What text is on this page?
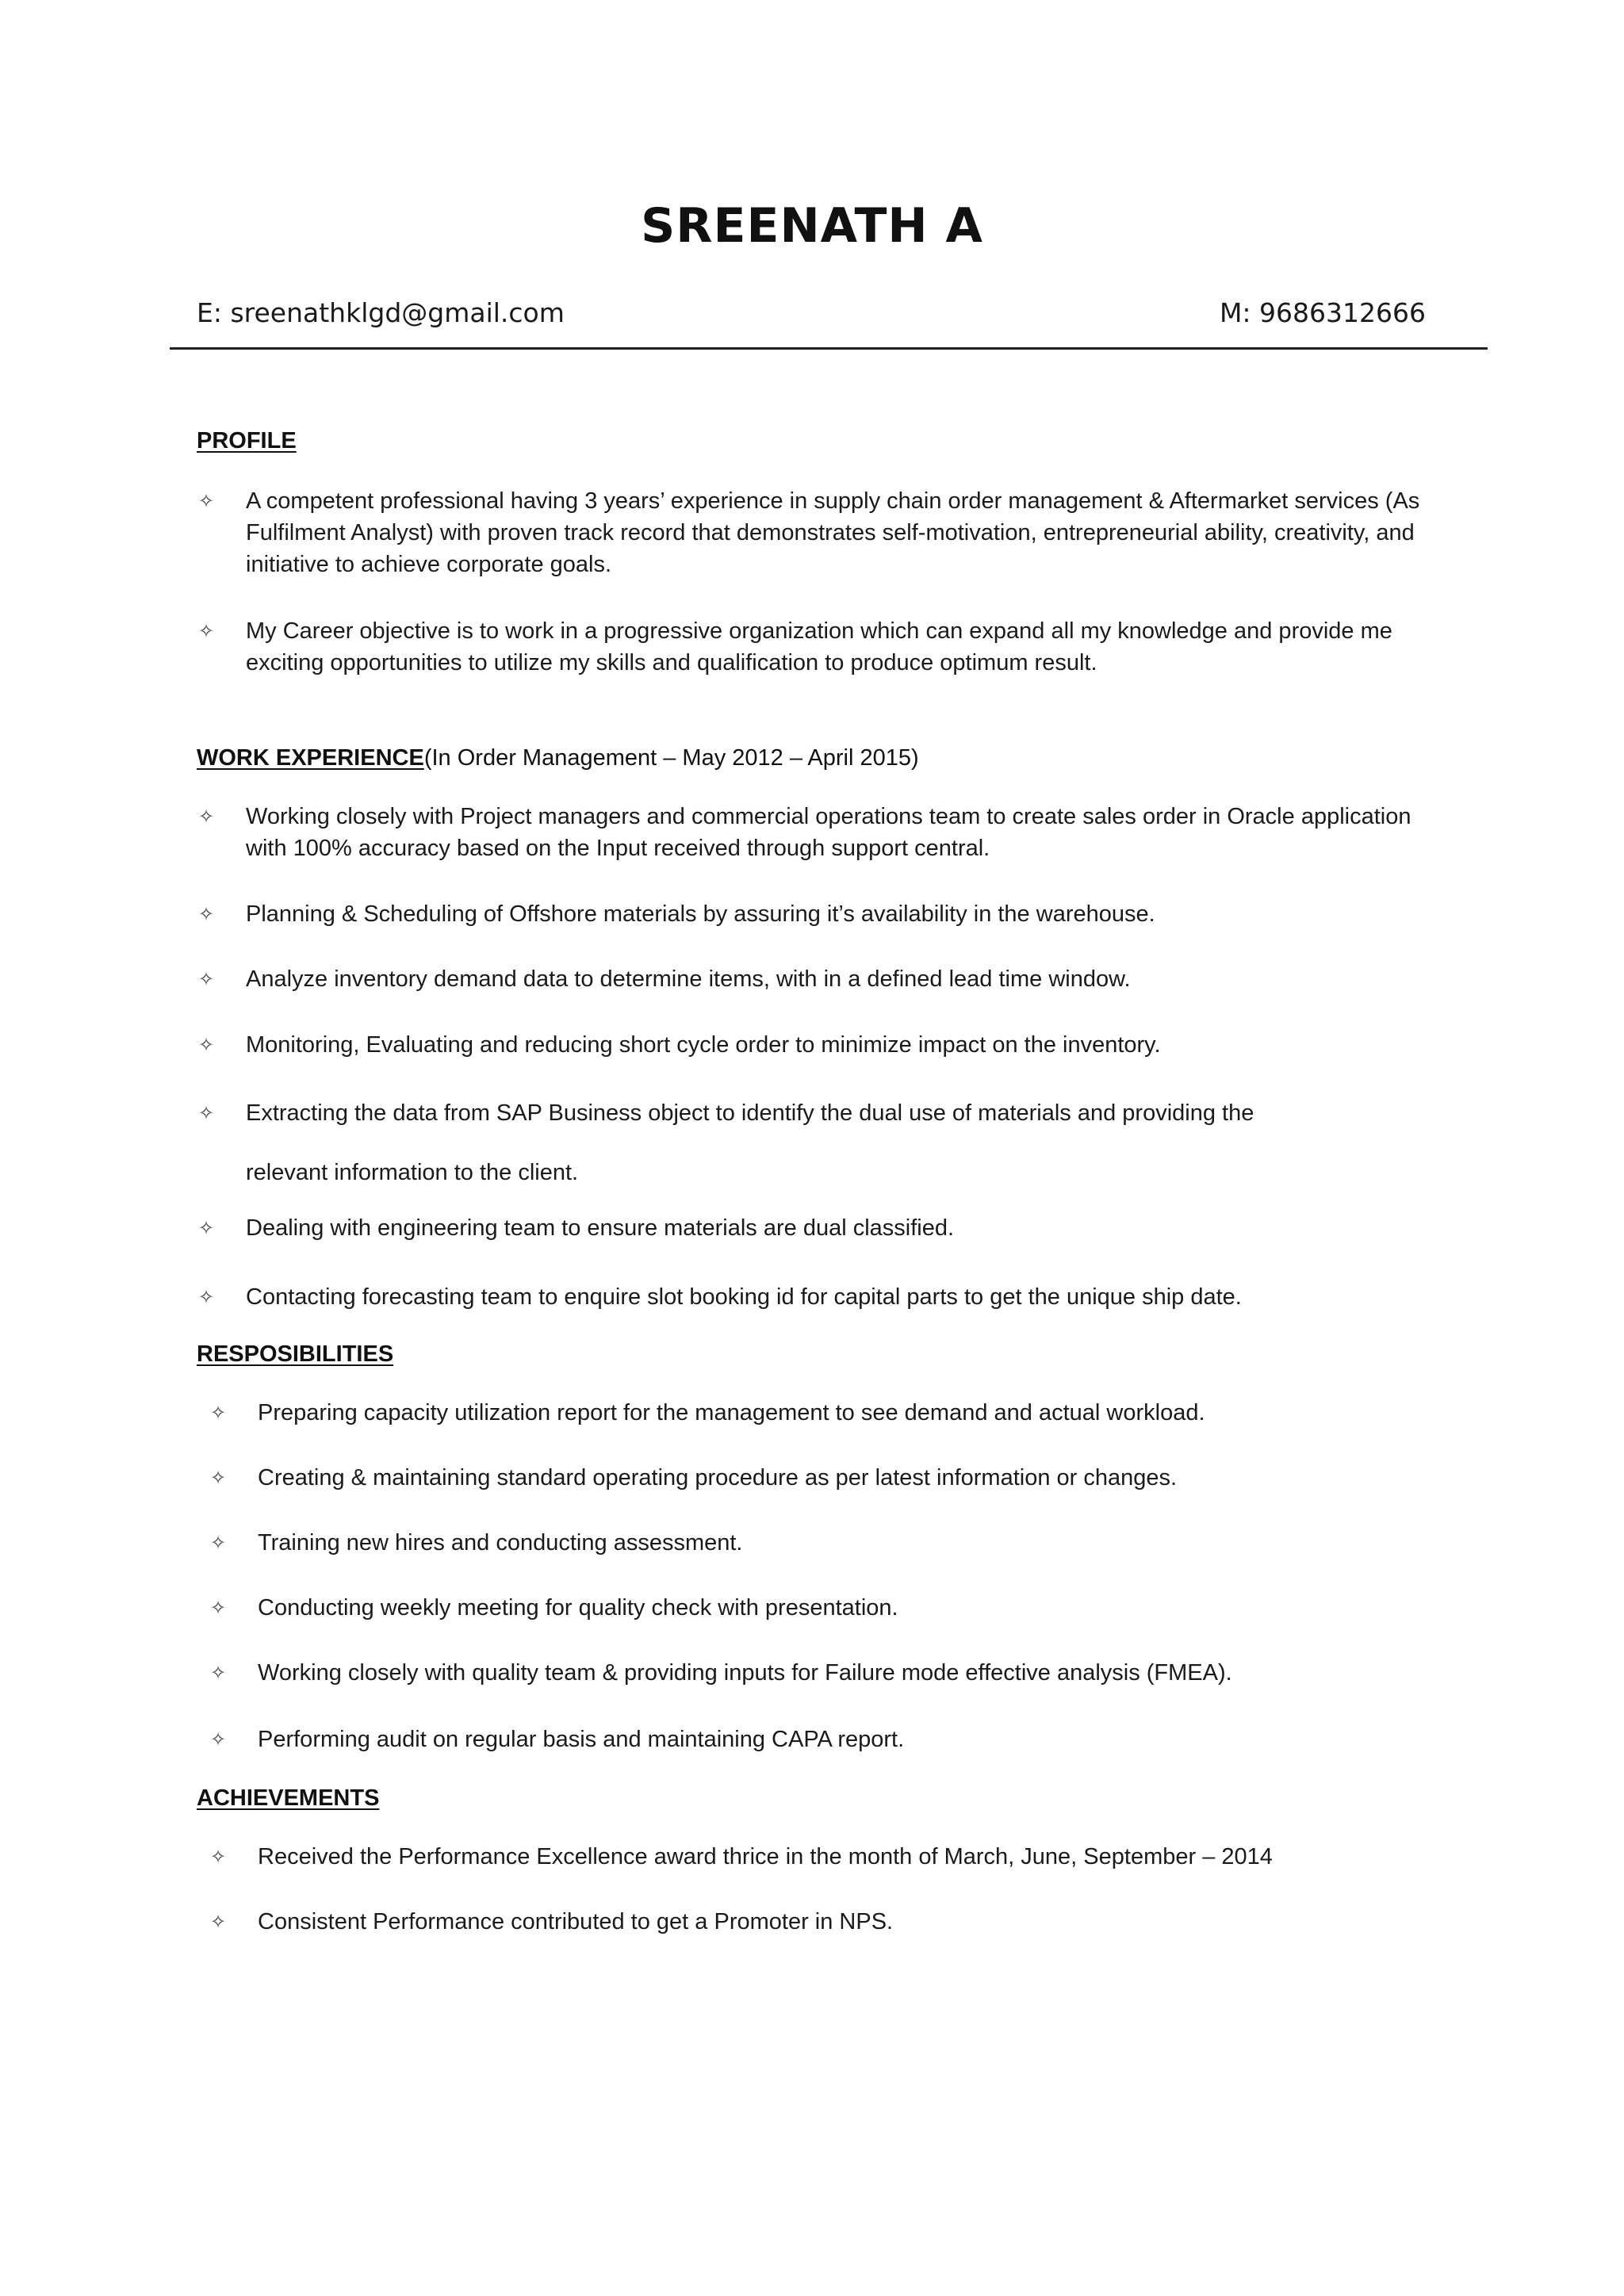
SREENATH A
E: sreenathklgd@gmail.com	M: 9686312666
PROFILE
✧	A competent professional having 3 years’ experience in supply chain order management & Aftermarket services (As Fulfilment Analyst) with proven track record that demonstrates self-motivation, entrepreneurial ability, creativity, and initiative to achieve corporate goals.
✧	My Career objective is to work in a progressive organization which can expand all my knowledge and provide me exciting opportunities to utilize my skills and qualification to produce optimum result.
WORK EXPERIENCE(In Order Management – May 2012 – April 2015)
✧	Working closely with Project managers and commercial operations team to create sales order in Oracle application with 100% accuracy based on the Input received through support central.
✧	Planning & Scheduling of Offshore materials by assuring it’s availability in the warehouse.
✧	Analyze inventory demand data to determine items, with in a defined lead time window.
✧	Monitoring, Evaluating and reducing short cycle order to minimize impact on the inventory.
✧	Extracting the data from SAP Business object to identify the dual use of materials and providing the
relevant information to the client.
✧	Dealing with engineering team to ensure materials are dual classified.
✧	Contacting forecasting team to enquire slot booking id for capital parts to get the unique ship date.
RESPOSIBILITIES
✧	Preparing capacity utilization report for the management to see demand and actual workload.
✧	Creating & maintaining standard operating procedure as per latest information or changes.
✧	Training new hires and conducting assessment.
✧	Conducting weekly meeting for quality check with presentation.
✧	Working closely with quality team & providing inputs for Failure mode effective analysis (FMEA).
✧	Performing audit on regular basis and maintaining CAPA report.
ACHIEVEMENTS
✧	Received the Performance Excellence award thrice in the month of March, June, September – 2014
✧	Consistent Performance contributed to get a Promoter in NPS.
